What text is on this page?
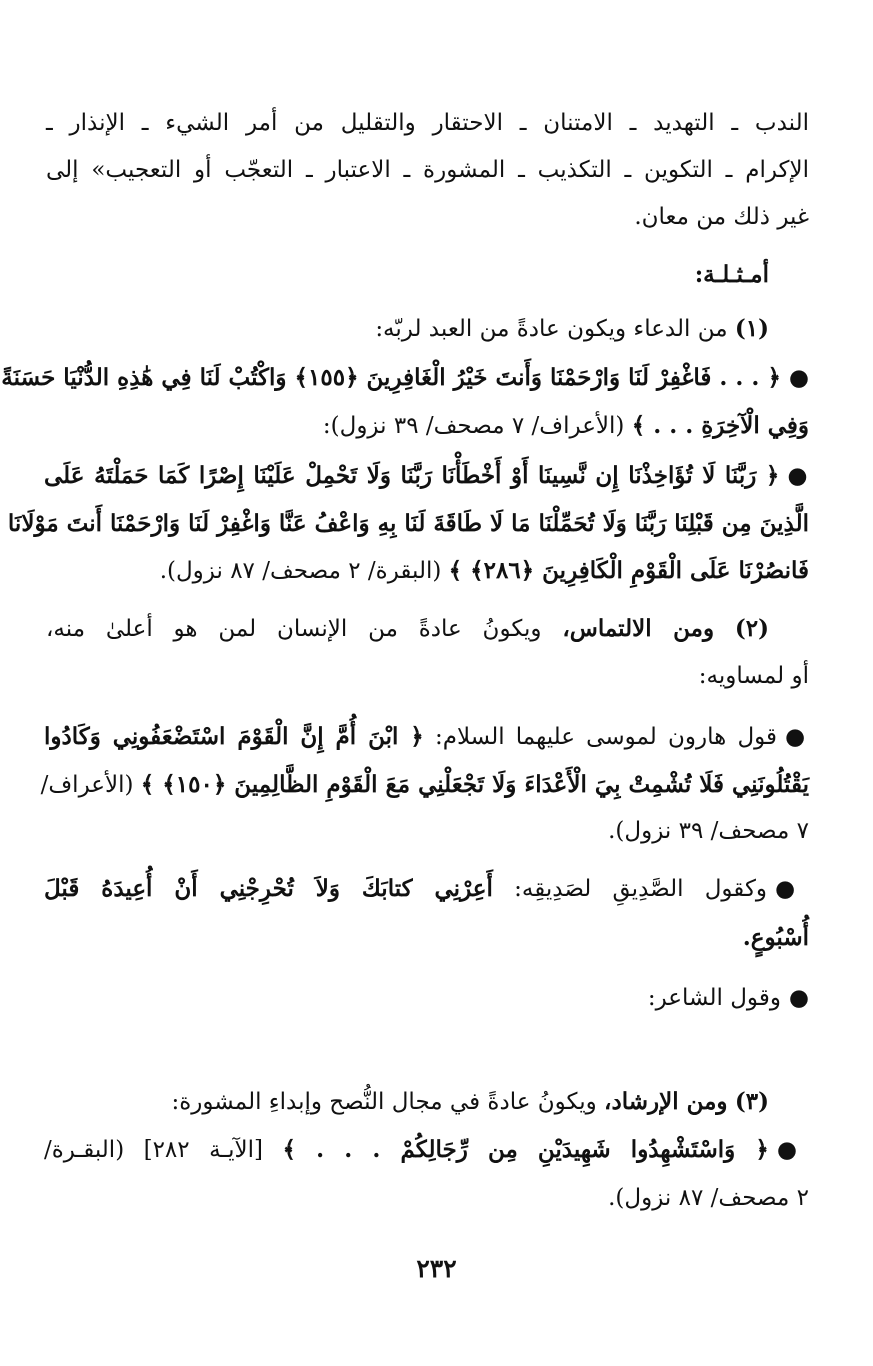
الندب ـ التهديد ـ الامتنان ـ الاحتقار والتقليل من أمر الشيء ـ الإنذار ـ
الإكرام ـ التكوين ـ التكذيب ـ المشورة ـ الاعتبار ـ التعجّب أو التعجيب» إلى
غير ذلك من معان.
أمـثـلـة:
(١) من الدعاء ويكون عادةً من العبد لربّه:
●﴿ . . . فَاغْفِرْ لَنَا وَارْحَمْنَا وَأَنتَ خَيْرُ الْغَافِرِينَ ﴿١٥٥﴾ وَاكْتُبْ لَنَا فِي هَٰذِهِ الدُّنْيَا حَسَنَةً
وَفِي الْآخِرَةِ . . . ﴾ (الأعراف/ ٧ مصحف/ ٣٩ نزول):
●﴿ رَبَّنَا لَا تُؤَاخِذْنَا إِن نَّسِينَا أَوْ أَخْطَأْنَا رَبَّنَا وَلَا تَحْمِلْ عَلَيْنَا إِصْرًا كَمَا حَمَلْتَهُ عَلَى
الَّذِينَ مِن قَبْلِنَا رَبَّنَا وَلَا تُحَمِّلْنَا مَا لَا طَاقَةَ لَنَا بِهِ وَاعْفُ عَنَّا وَاغْفِرْ لَنَا وَارْحَمْنَا أَنتَ مَوْلَانَا
فَانصُرْنَا عَلَى الْقَوْمِ الْكَافِرِينَ ﴿٢٨٦﴾ ﴾ (البقرة/ ٢ مصحف/ ٨٧ نزول).
(٢) ومن الالتماس، ويكونُ عادةً من الإنسان لمن هو أعلىٰ منه،
أو لمساويه:
●قول هارون لموسى عليهما السلام: ﴿ ابْنَ أُمَّ إِنَّ الْقَوْمَ اسْتَضْعَفُونِي وَكَادُوا
يَقْتُلُونَنِي فَلَا تُشْمِتْ بِيَ الْأَعْدَاءَ وَلَا تَجْعَلْنِي مَعَ الْقَوْمِ الظَّالِمِينَ ﴿١٥٠﴾ ﴾ (الأعراف/
٧ مصحف/ ٣٩ نزول).
●وكقول الصَّدِيقِ لصَدِيقِه: أَعِرْنِي كتابَكَ وَلاَ تُحْرِجْنِي أَنْ أُعِيدَهُ قَبْلَ
أُسْبُوعٍ.
●وقول الشاعر:
(٣) ومن الإرشاد، ويكونُ عادةً في مجال النُّصح وإبداءِ المشورة:
●﴿ وَاسْتَشْهِدُوا شَهِيدَيْنِ مِن رِّجَالِكُمْ . . . ﴾ [الآيـة ٢٨٢] (البقـرة/
٢ مصحف/ ٨٧ نزول).
٢٣٢
